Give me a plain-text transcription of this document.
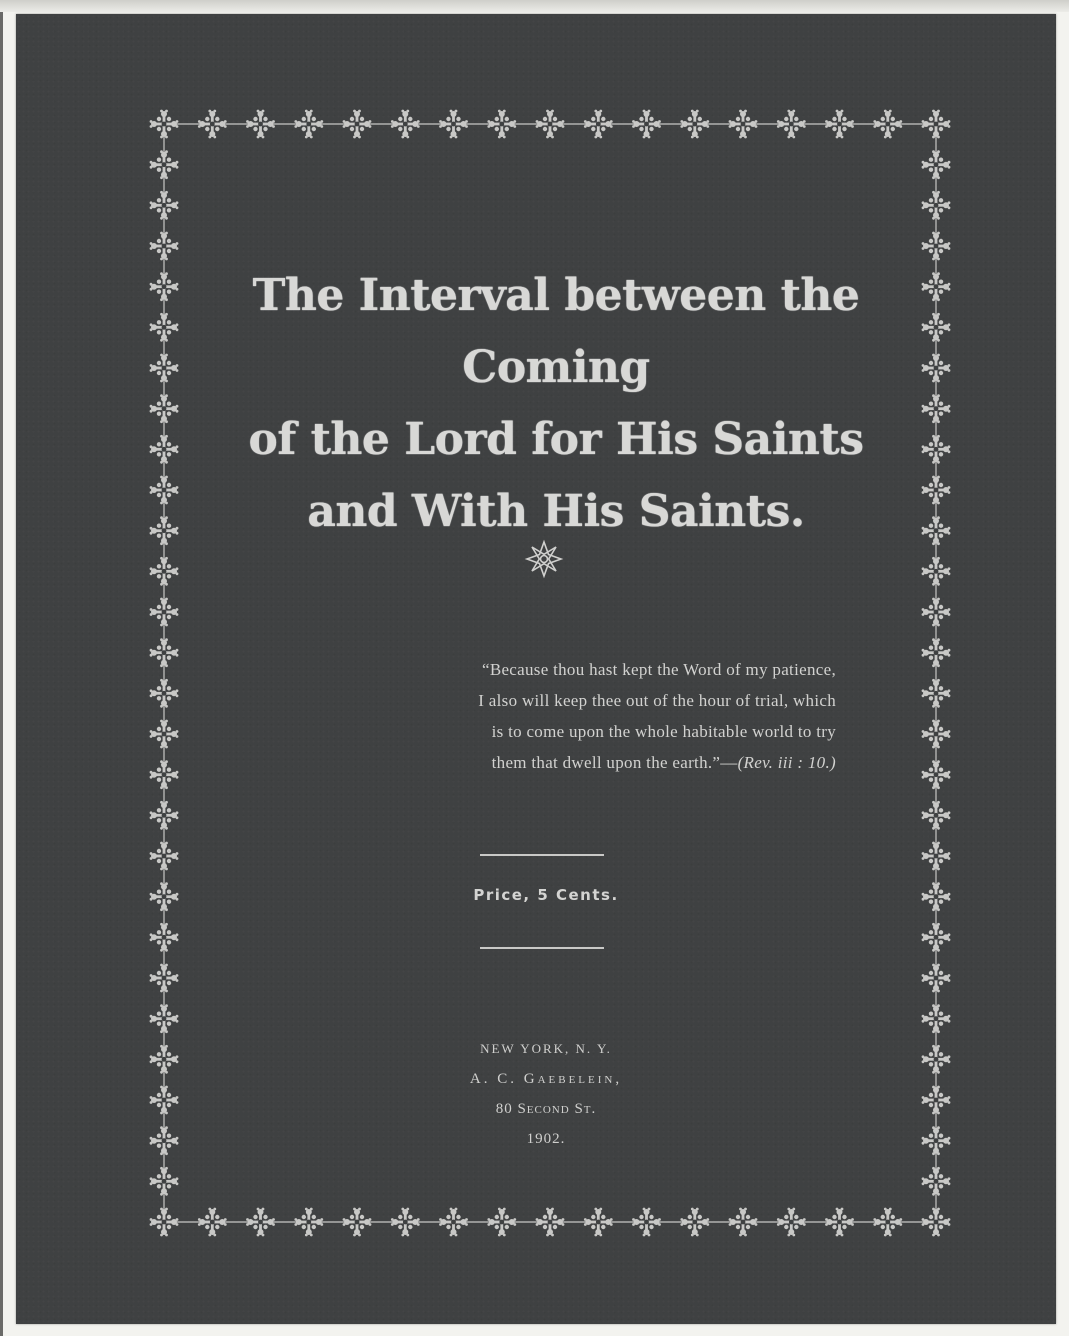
The Interval between the Coming
of the Lord for His Saints
and With His Saints.
“Because thou hast kept the Word of my patience,
I also will keep thee out of the hour of trial, which
is to come upon the whole habitable world to try
them that dwell upon the earth.”—(Rev. iii : 10.)
Price, 5 Cents.
NEW YORK, N. Y.
A. C. Gaebelein,
80 Second St.
1902.
